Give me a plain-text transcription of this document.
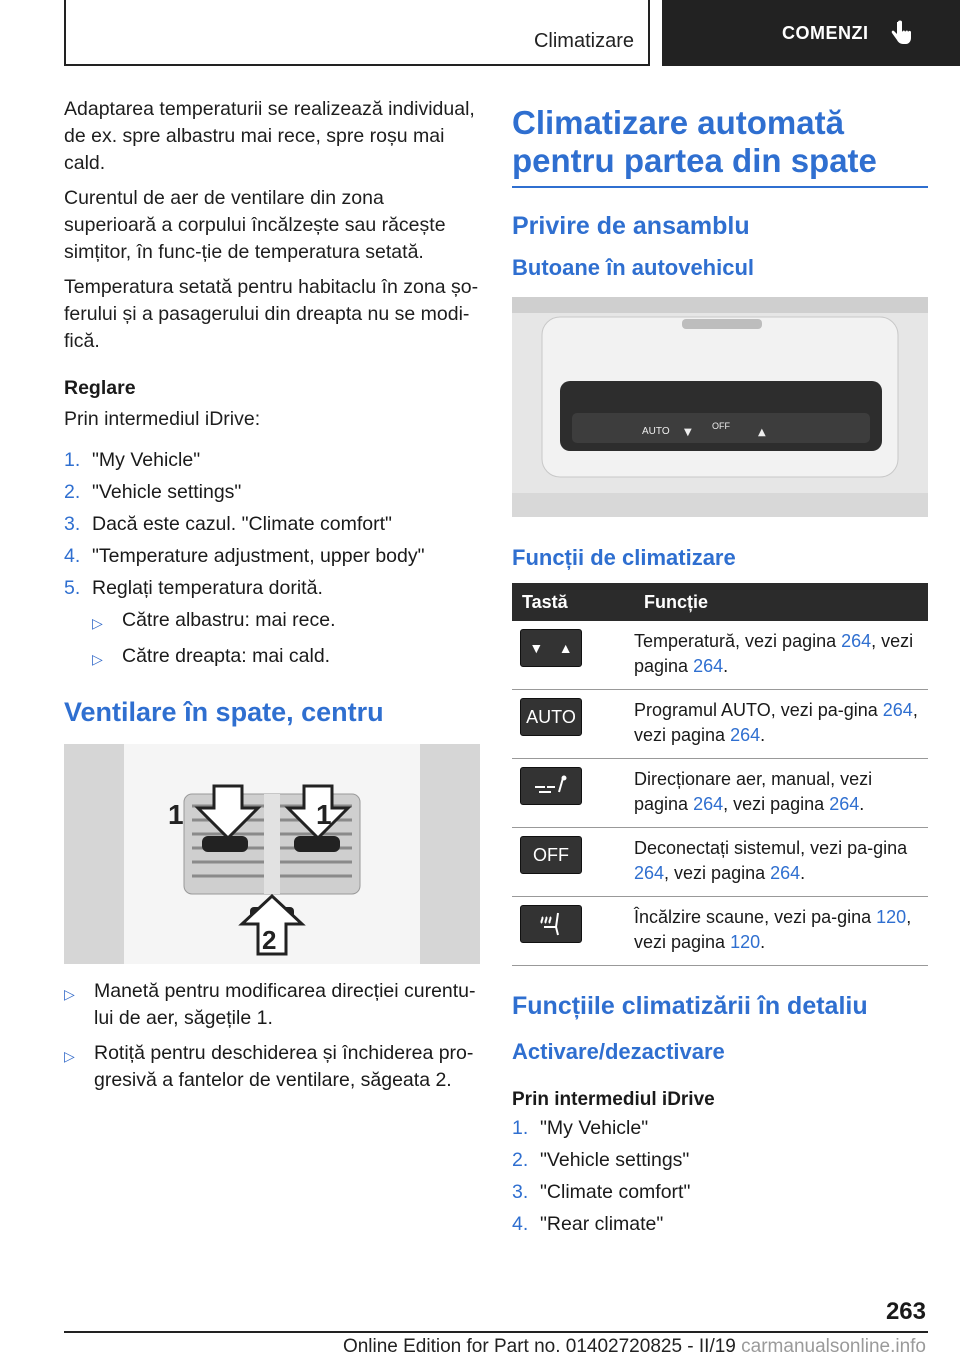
Climatizare	COMENZI

Adaptarea temperaturii se realizează individual, de ex. spre albastru mai rece, spre roșu mai cald.

Curentul de aer de ventilare din zona superioară a corpului încălzește sau răcește simțitor, în func‐ție de temperatura setată.

Temperatura setată pentru habitaclu în zona șo‐ferului și a pasagerului din dreapta nu se modi‐fică.

Reglare

Prin intermediul iDrive:

1. "My Vehicle"
2. "Vehicle settings"
3. Dacă este cazul. "Climate comfort"
4. "Temperature adjustment, upper body"
5. Reglați temperatura dorită.
▷ Către albastru: mai rece.
▷ Către dreapta: mai cald.
Ventilare în spate, centru
1	1
2
▷ Manetă pentru modificarea direcției curentu‐lui de aer, săgețile 1.
▷ Rotiță pentru deschiderea și închiderea pro‐gresivă a fantelor de ventilare, săgeata 2.
Climatizare automată pentru partea din spate
Privire de ansamblu
Butoane în autovehicul
AUTO	OFF
▼	▲
Funcții de climatizare
Tastă	Funcție

▼    ▲	Temperatură, vezi pagina 264, vezi pagina 264.

AUTO	Programul AUTO, vezi pa‐gina 264, vezi pagina 264.

	Direcționare aer, manual, vezi pagina 264, vezi pagina 264.

OFF	Deconectați sistemul, vezi pa‐gina 264, vezi pagina 264.

	Încălzire scaune, vezi pa‐gina 120, vezi pagina 120.
Funcțiile climatizării în detaliu
Activare/dezactivare
Prin intermediul iDrive
1. "My Vehicle"
2. "Vehicle settings"
3. "Climate comfort"
4. "Rear climate"
263
Online Edition for Part no. 01402720825 - II/19 carmanualsonline.info
